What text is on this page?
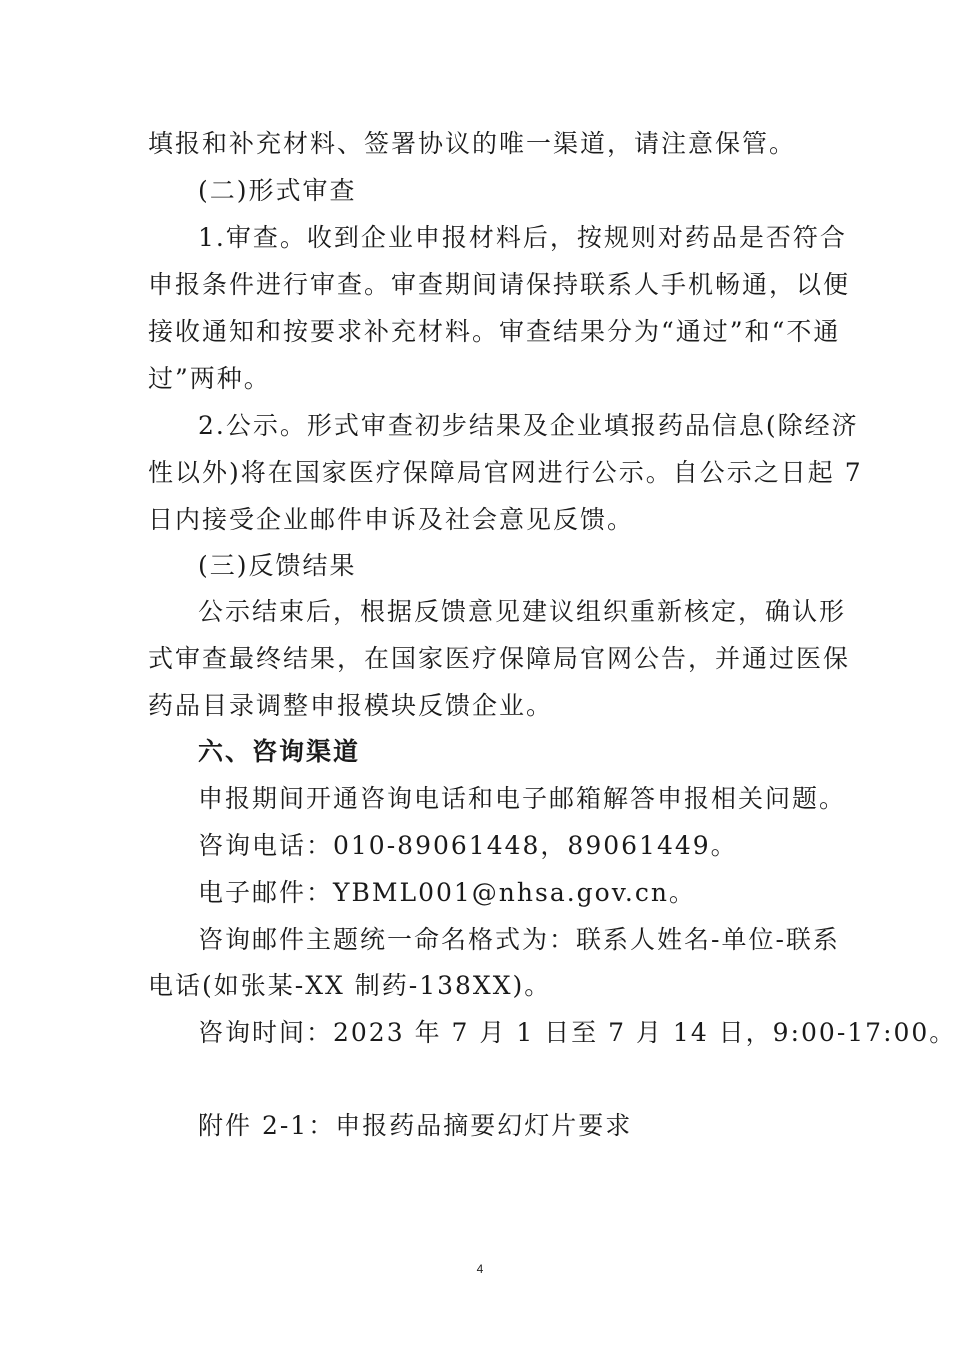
填报和补充材料、签署协议的唯一渠道，请注意保管。
(二)形式审查
1.审查。收到企业申报材料后，按规则对药品是否符合
申报条件进行审查。审查期间请保持联系人手机畅通，以便
接收通知和按要求补充材料。审查结果分为“通过”和“不通
过”两种。
2.公示。形式审查初步结果及企业填报药品信息(除经济
性以外)将在国家医疗保障局官网进行公示。自公示之日起 7
日内接受企业邮件申诉及社会意见反馈。
(三)反馈结果
公示结束后，根据反馈意见建议组织重新核定，确认形
式审查最终结果，在国家医疗保障局官网公告，并通过医保
药品目录调整申报模块反馈企业。
六、咨询渠道
申报期间开通咨询电话和电子邮箱解答申报相关问题。
咨询电话：010-89061448，89061449。
电子邮件：YBML001@nhsa.gov.cn。
咨询邮件主题统一命名格式为：联系人姓名-单位-联系
电话(如张某-XX 制药-138XX)。
咨询时间：2023 年 7 月 1 日至 7 月 14 日，9:00-17:00。
附件 2-1：申报药品摘要幻灯片要求
4
